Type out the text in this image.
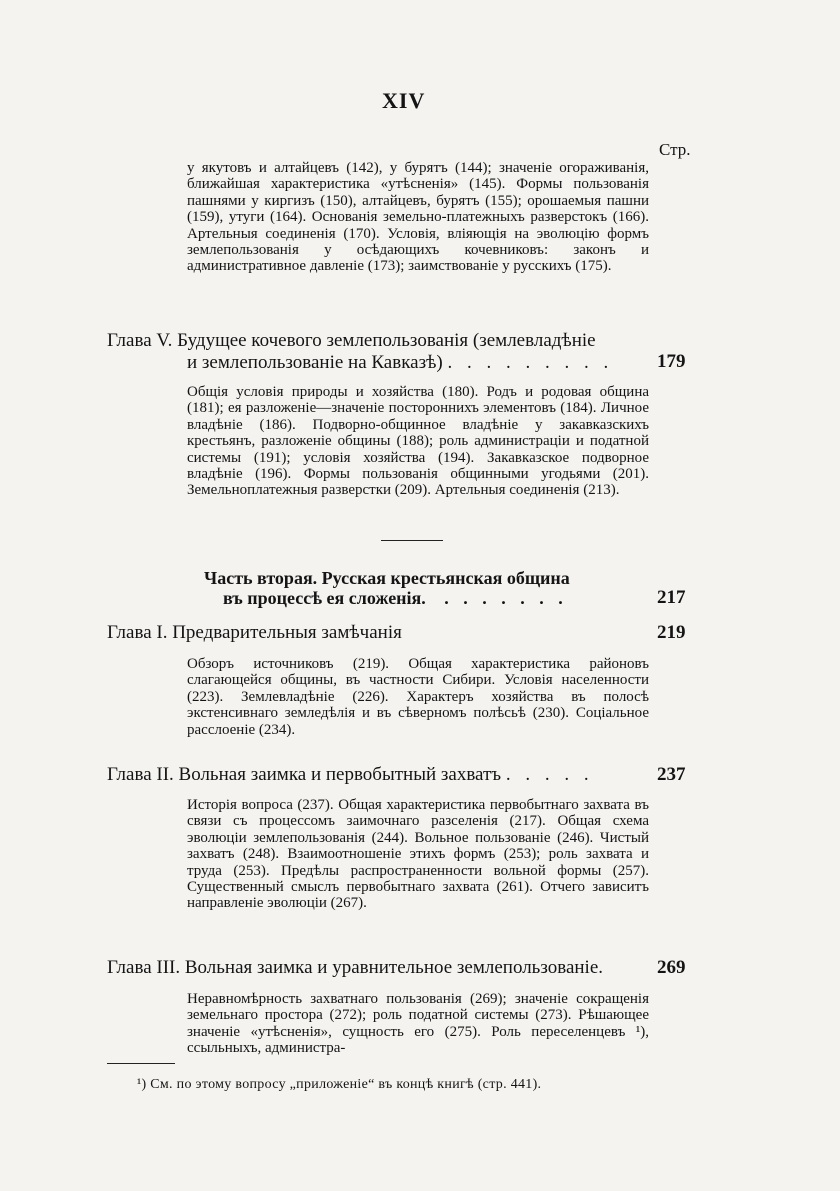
XIV
Стр.

у якутовъ и алтайцевъ (142), у бурятъ (144); значеніе огораживанія, ближайшая характеристика «утѣсненія» (145). Формы пользованія пашнями у киргизъ (150), алтайцевъ, бурятъ (155); орошаемыя пашни (159), утуги (164). Основанія земельно-платежныхъ разверстокъ (166). Артельныя соединенія (170). Условія, вліяющія на эволюцію формъ землепользованія у осѣдающихъ кочевниковъ: законъ и административное давленіе (173); заимствованіе у русскихъ (175).

Глава V. Будущее кочевого землепользованія (землевладѣніе
и землепользованіе на Кавказѣ) . . . . . . . . . 179

Общія условія природы и хозяйства (180). Родъ и родовая община (181); ея разложеніе—значеніе постороннихъ элементовъ (184). Личное владѣніе (186). Подворно-общинное владѣніе у закавказскихъ крестьянъ, разложеніе общины (188); роль администраціи и податной системы (191); условія хозяйства (194). Закавказское подворное владѣніе (196). Формы пользованія общинными угодьями (201). Земельноплатежныя разверстки (209). Артельныя соединенія (213).

Часть вторая. Русская крестьянская община
въ процессѣ ея сложенія. . . . . . . .	217
Глава I. Предварительныя замѣчанія	219

Обзоръ источниковъ (219). Общая характеристика районовъ слагающейся общины, въ частности Сибири. Условія населенности (223). Землевладѣніе (226). Характеръ хозяйства въ полосѣ экстенсивнаго земледѣлія и въ сѣверномъ полѣсьѣ (230). Соціальное расслоеніе (234).

Глава II. Вольная заимка и первобытный захватъ . . . . .	237

Исторія вопроса (237). Общая характеристика первобытнаго захвата въ связи съ процессомъ заимочнаго разселенія (217). Общая схема эволюціи землепользованія (244). Вольное пользованіе (246). Чистый захватъ (248). Взаимоотношеніе этихъ формъ (253); роль захвата и труда (253). Предѣлы распространенности вольной формы (257). Существенный смыслъ первобытнаго захвата (261). Отчего зависитъ направленіе эволюціи (267).

Глава III. Вольная заимка и уравнительное землепользованіе.	269

Неравномѣрность захватнаго пользованія (269); значеніе сокращенія земельнаго простора (272); роль податной системы (273). Рѣшающее значеніе «утѣсненія», сущность его (275). Роль переселенцевъ ¹), ссыльныхъ, администра-

¹) См. по этому вопросу „приложеніе“ въ концѣ книгѣ (стр. 441).
